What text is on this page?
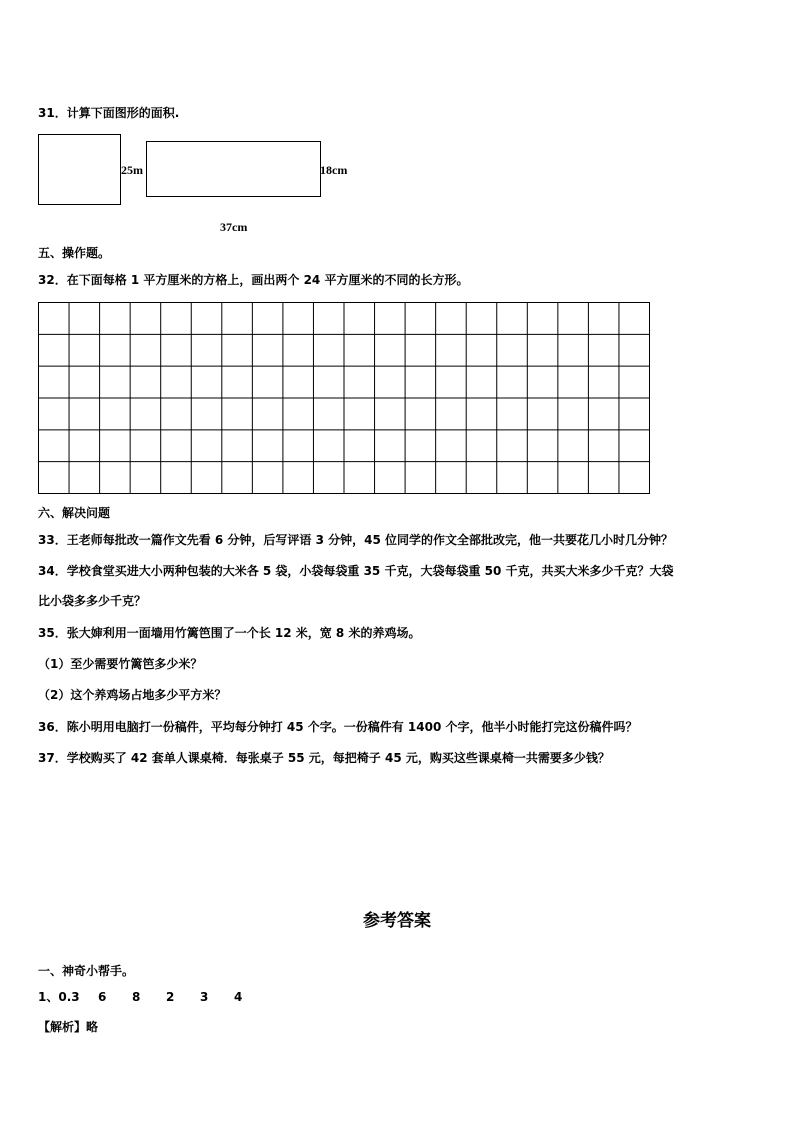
31．计算下面图形的面积.
25m	18cm
37cm
五、操作题。
32．在下面每格 1 平方厘米的方格上，画出两个 24 平方厘米的不同的长方形。
六、解决问题
33．王老师每批改一篇作文先看 6 分钟，后写评语 3 分钟，45 位同学的作文全部批改完，他一共要花几小时几分钟？
34．学校食堂买进大小两种包装的大米各 5 袋，小袋每袋重 35 千克，大袋每袋重 50 千克，共买大米多少千克？大袋
比小袋多多少千克？
35．张大婶利用一面墙用竹篱笆围了一个长 12 米，宽 8 米的养鸡场。
（1）至少需要竹篱笆多少米？
（2）这个养鸡场占地多少平方米？
36．陈小明用电脑打一份稿件，平均每分钟打 45 个字。一份稿件有 1400 个字，他半小时能打完这份稿件吗？
37．学校购买了 42 套单人课桌椅．每张桌子 55 元，每把椅子 45 元，购买这些课桌椅一共需要多少钱？
参考答案
一、神奇小帮手。
1、0.3 6 8 2 3 4
【解析】略
